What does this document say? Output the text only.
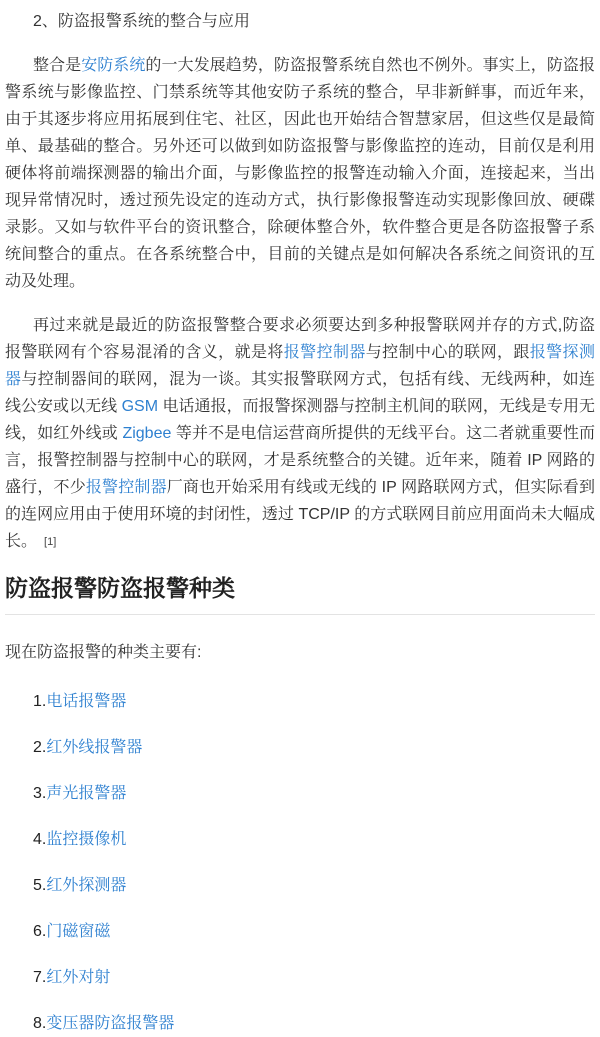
2、防盗报警系统的整合与应用

整合是安防系统的一大发展趋势，防盗报警系统自然也不例外。事实上，防盗报警系统与影像监控、门禁系统等其他安防子系统的整合，早非新鲜事，而近年来，由于其逐步将应用拓展到住宅、社区，因此也开始结合智慧家居，但这些仅是最简单、最基础的整合。另外还可以做到如防盗报警与影像监控的连动，目前仅是利用硬体将前端探测器的输出介面，与影像监控的报警连动输入介面，连接起来，当出现异常情况时，透过预先设定的连动方式，执行影像报警连动实现影像回放、硬碟录影。又如与软件平台的资讯整合，除硬体整合外，软件整合更是各防盗报警子系统间整合的重点。在各系统整合中，目前的关键点是如何解决各系统之间资讯的互动及处理。

再过来就是最近的防盗报警整合要求必须要达到多种报警联网并存的方式,防盗报警联网有个容易混淆的含义，就是将报警控制器与控制中心的联网，跟报警探测器与控制器间的联网，混为一谈。其实报警联网方式，包括有线、无线两种，如连线公安或以无线 GSM 电话通报，而报警探测器与控制主机间的联网，无线是专用无线，如红外线或 Zigbee 等并不是电信运营商所提供的无线平台。这二者就重要性而言，报警控制器与控制中心的联网，才是系统整合的关键。近年来，随着 IP 网路的盛行，不少报警控制器厂商也开始采用有线或无线的 IP 网路联网方式，但实际看到的连网应用由于使用环境的封闭性，透过 TCP/IP 的方式联网目前应用面尚未大幅成长。 [1]

防盗报警防盗报警种类

现在防盗报警的种类主要有:

1.电话报警器

2.红外线报警器

3.声光报警器

4.监控摄像机

5.红外探测器

6.门磁窗磁

7.红外对射

8.变压器防盗报警器
